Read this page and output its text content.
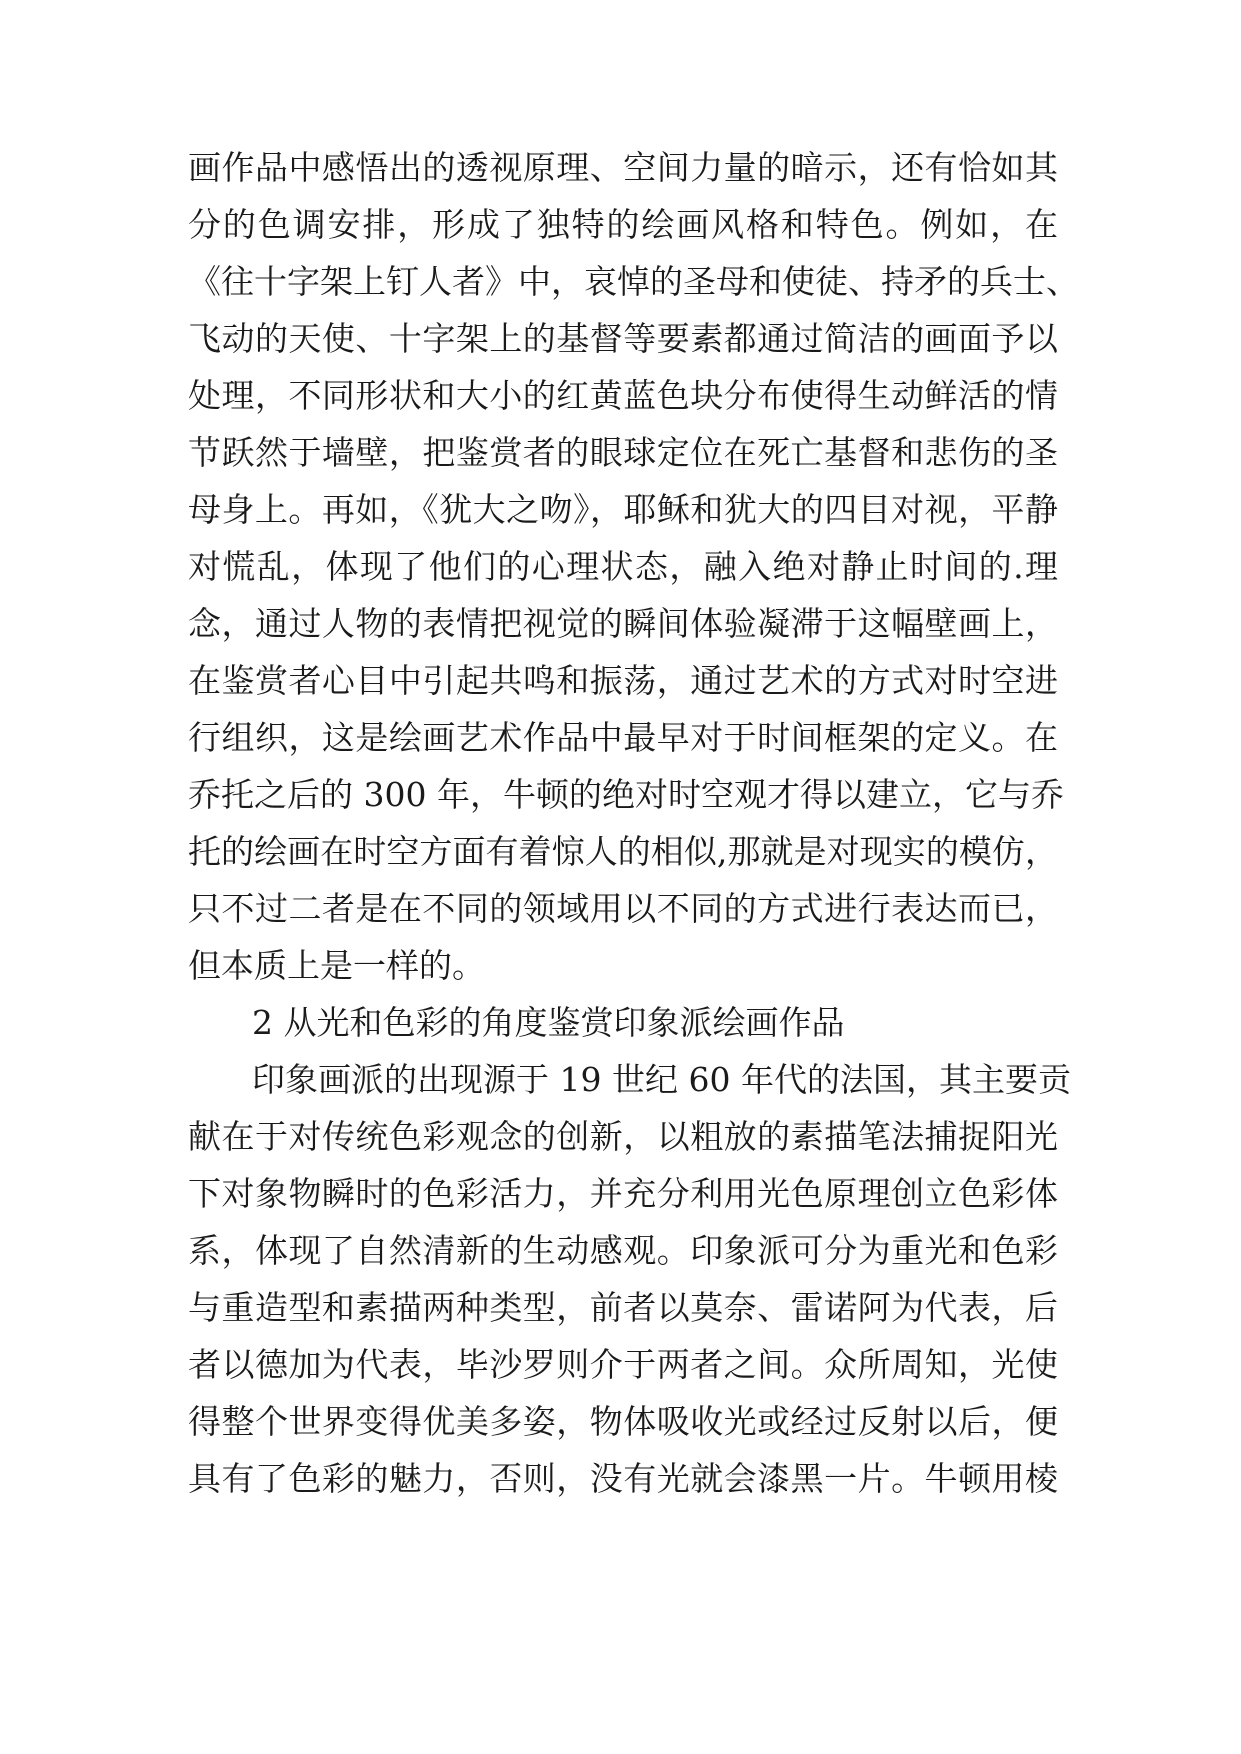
画作品中感悟出的透视原理、空间力量的暗示，还有恰如其
分的色调安排，形成了独特的绘画风格和特色。例如，在
《往十字架上钉人者》中，哀悼的圣母和使徒、持矛的兵士、
飞动的天使、十字架上的基督等要素都通过简洁的画面予以
处理，不同形状和大小的红黄蓝色块分布使得生动鲜活的情
节跃然于墙壁，把鉴赏者的眼球定位在死亡基督和悲伤的圣
母身上。再如，《犹大之吻》，耶稣和犹大的四目对视，平静
对慌乱，体现了他们的心理状态，融入绝对静止时间的.理
念，通过人物的表情把视觉的瞬间体验凝滞于这幅壁画上，
在鉴赏者心目中引起共鸣和振荡，通过艺术的方式对时空进
行组织，这是绘画艺术作品中最早对于时间框架的定义。在
乔托之后的 300 年，牛顿的绝对时空观才得以建立，它与乔
托的绘画在时空方面有着惊人的相似,那就是对现实的模仿，
只不过二者是在不同的领域用以不同的方式进行表达而已，
但本质上是一样的。
2 从光和色彩的角度鉴赏印象派绘画作品
印象画派的出现源于 19 世纪 60 年代的法国，其主要贡
献在于对传统色彩观念的创新，以粗放的素描笔法捕捉阳光
下对象物瞬时的色彩活力，并充分利用光色原理创立色彩体
系，体现了自然清新的生动感观。印象派可分为重光和色彩
与重造型和素描两种类型，前者以莫奈、雷诺阿为代表，后
者以德加为代表，毕沙罗则介于两者之间。众所周知，光使
得整个世界变得优美多姿，物体吸收光或经过反射以后，便
具有了色彩的魅力，否则，没有光就会漆黑一片。牛顿用棱
